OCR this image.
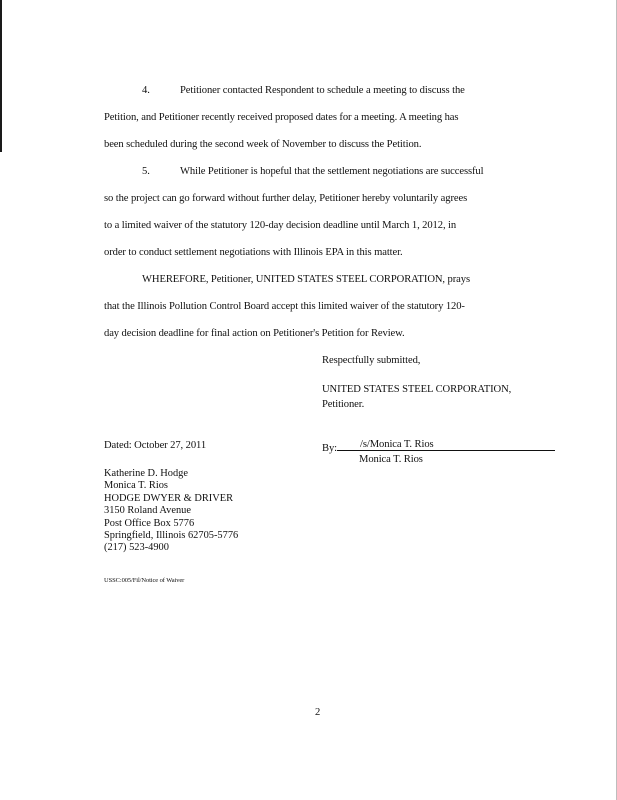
4.	Petitioner contacted Respondent to schedule a meeting to discuss the
Petition, and Petitioner recently received proposed dates for a meeting. A meeting has
been scheduled during the second week of November to discuss the Petition.
5.	While Petitioner is hopeful that the settlement negotiations are successful
so the project can go forward without further delay, Petitioner hereby voluntarily agrees
to a limited waiver of the statutory 120-day decision deadline until March 1, 2012, in
order to conduct settlement negotiations with Illinois EPA in this matter.
WHEREFORE, Petitioner, UNITED STATES STEEL CORPORATION, prays
that the Illinois Pollution Control Board accept this limited waiver of the statutory 120-
day decision deadline for final action on Petitioner's Petition for Review.
Respectfully submitted,
UNITED STATES STEEL CORPORATION,
Petitioner.
Dated: October 27, 2011	By: /s/Monica T. Rios
Monica T. Rios
Katherine D. Hodge
Monica T. Rios
HODGE DWYER & DRIVER
3150 Roland Avenue
Post Office Box 5776
Springfield, Illinois 62705-5776
(217) 523-4900
USSC:005/Fil/Notice of Waiver
2
